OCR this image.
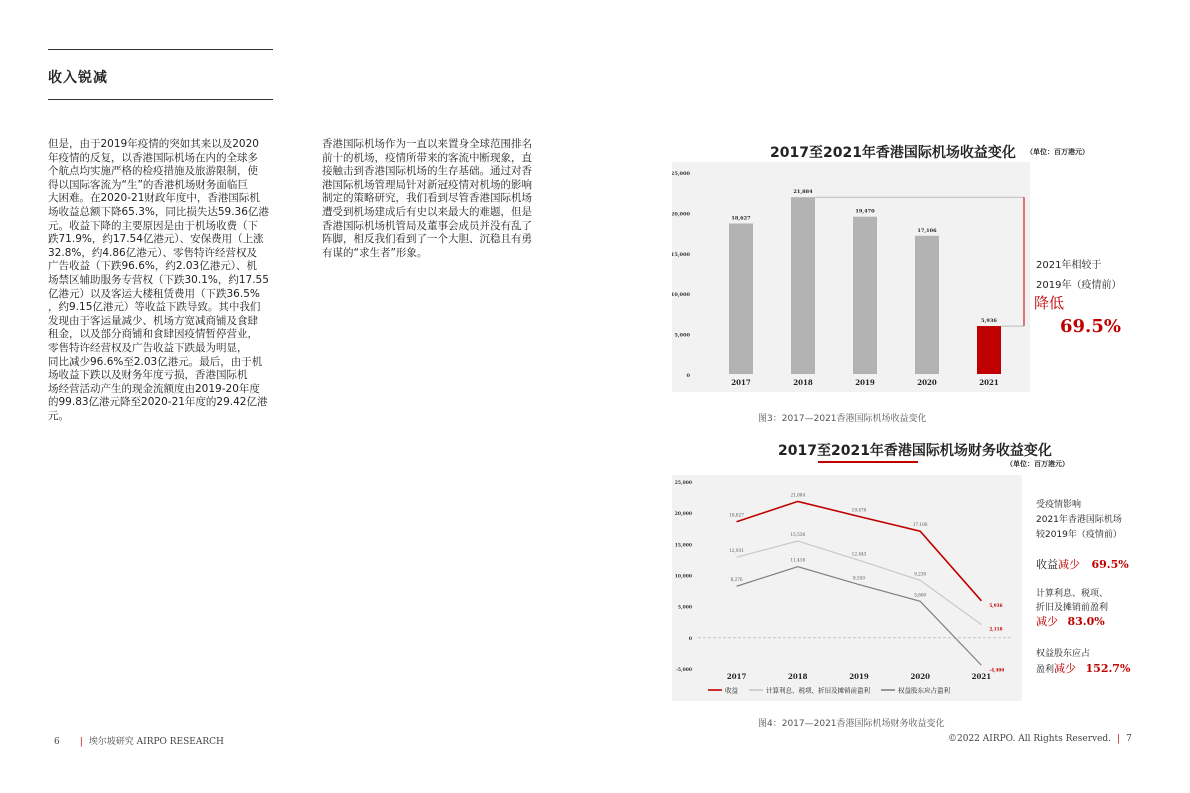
收入锐减
但是，由于2019年疫情的突如其来以及2020
年疫情的反复，以香港国际机场在内的全球多
个航点均实施严格的检疫措施及旅游限制，使
得以国际客流为“生”的香港机场财务面临巨
大困难。在2020-21财政年度中，香港国际机
场收益总额下降65.3%，同比损失达59.36亿港
元。收益下降的主要原因是由于机场收费（下
跌71.9%，约17.54亿港元）、安保费用（上涨
32.8%，约4.86亿港元）、零售特许经营权及
广告收益（下跌96.6%，约2.03亿港元）、机
场禁区辅助服务专营权（下跌30.1%，约17.55
亿港元）以及客运大楼租赁费用（下跌36.5%
，约9.15亿港元）等收益下跌导致。其中我们
发现由于客运量减少、机场方宽减商铺及食肆
租金，以及部分商铺和食肆因疫情暂停营业，
零售特许经营权及广告收益下跌最为明显，
同比减少96.6%至2.03亿港元。最后，由于机
场收益下跌以及财务年度亏损，香港国际机
场经营活动产生的现金流额度由2019-20年度
的99.83亿港元降至2020-21年度的29.42亿港
元。
香港国际机场作为一直以来置身全球范围排名
前十的机场，疫情所带来的客流中断现象，直
接触击到香港国际机场的生存基础。通过对香
港国际机场管理局针对新冠疫情对机场的影响
制定的策略研究，我们看到尽管香港国际机场
遭受到机场建成后有史以来最大的难题，但是
香港国际机场机管局及董事会成员并没有乱了
阵脚，相反我们看到了一个大胆、沉稳且有勇
有谋的“求生者”形象。
2017至2021年香港国际机场收益变化 （单位：百万港元）
0
5,000
10,000
15,000
20,000
25,000
18,627
2017
21,884
2018
19,470
2019
17,106
2020
5,936
2021
2021年相较于
2019年（疫情前）
降低
69.5%
图3：2017—2021香港国际机场收益变化
2017至2021年香港国际机场财务收益变化
（单位：百万港元）
-5,000
0
5,000
10,000
15,000
20,000
25,000
18,627
21,884
19,470
17,106
5,936
12,931
15,536
12,443
9,230
2,118
8,276
11,416
8,550
5,860
-4,400
2017	2018	2019	2020	2021
收益	计算利息、税项、折旧及摊销前盈利	权益股东应占盈利
受疫情影响
2021年香港国际机场
较2019年（疫情前）
收益减少 69.5%
计算利息、税项、
折旧及摊销前盈利
减少 83.0%
权益股东应占
盈利减少 152.7%
图4：2017—2021香港国际机场财务收益变化
6 | 埃尔坡研究 AIRPO RESEARCH	©2022 AIRPO. All Rights Reserved. | 7
